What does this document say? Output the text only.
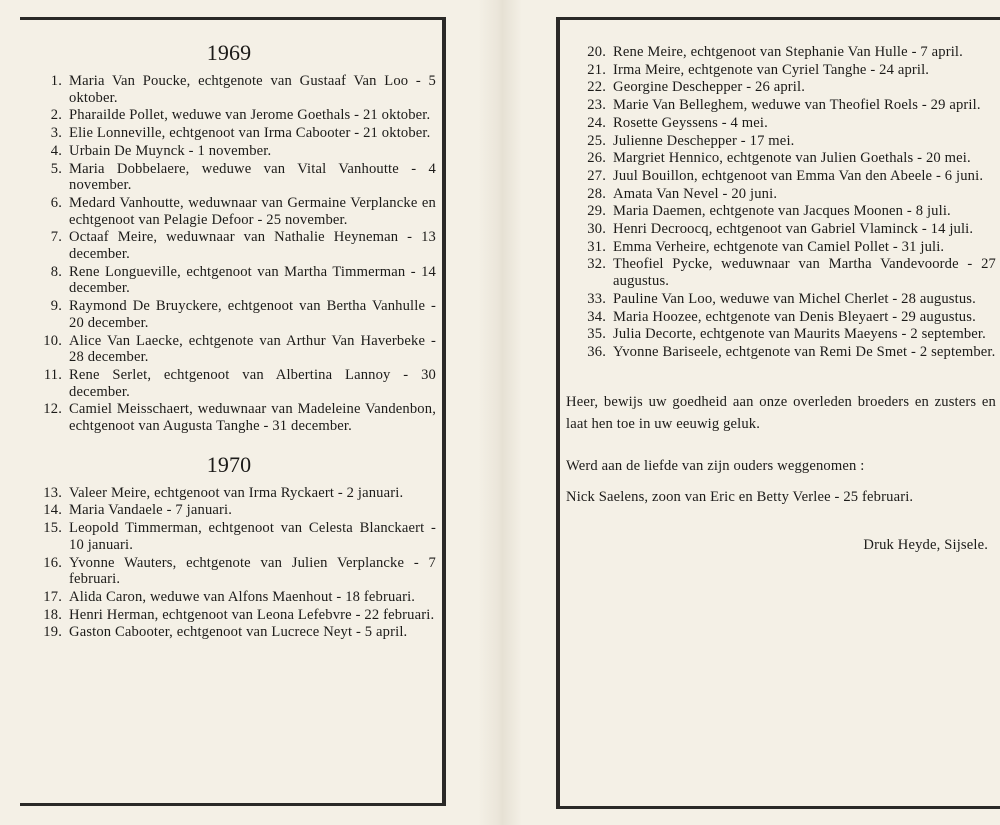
1969
1. Maria Van Poucke, echtgenote van Gustaaf Van Loo - 5 oktober.
2. Pharailde Pollet, weduwe van Jerome Goethals - 21 oktober.
3. Elie Lonneville, echtgenoot van Irma Cabooter - 21 oktober.
4. Urbain De Muynck - 1 november.
5. Maria Dobbelaere, weduwe van Vital Vanhoutte - 4 november.
6. Medard Vanhoutte, weduwnaar van Germaine Verplancke en echtgenoot van Pelagie Defoor - 25 november.
7. Octaaf Meire, weduwnaar van Nathalie Heyneman - 13 december.
8. Rene Longueville, echtgenoot van Martha Timmerman - 14 december.
9. Raymond De Bruyckere, echtgenoot van Bertha Vanhulle - 20 december.
10. Alice Van Laecke, echtgenote van Arthur Van Haverbeke - 28 december.
11. Rene Serlet, echtgenoot van Albertina Lannoy - 30 december.
12. Camiel Meisschaert, weduwnaar van Madeleine Vandenbon, echtgenoot van Augusta Tanghe - 31 december.
1970
13. Valeer Meire, echtgenoot van Irma Ryckaert - 2 januari.
14. Maria Vandaele - 7 januari.
15. Leopold Timmerman, echtgenoot van Celesta Blanckaert - 10 januari.
16. Yvonne Wauters, echtgenote van Julien Verplancke - 7 februari.
17. Alida Caron, weduwe van Alfons Maenhout - 18 februari.
18. Henri Herman, echtgenoot van Leona Lefebvre - 22 februari.
19. Gaston Cabooter, echtgenoot van Lucrece Neyt - 5 april.
20. Rene Meire, echtgenoot van Stephanie Van Hulle - 7 april.
21. Irma Meire, echtgenote van Cyriel Tanghe - 24 april.
22. Georgine Deschepper - 26 april.
23. Marie Van Belleghem, weduwe van Theofiel Roels - 29 april.
24. Rosette Geyssens - 4 mei.
25. Julienne Deschepper - 17 mei.
26. Margriet Hennico, echtgenote van Julien Goethals - 20 mei.
27. Juul Bouillon, echtgenoot van Emma Van den Abeele - 6 juni.
28. Amata Van Nevel - 20 juni.
29. Maria Daemen, echtgenote van Jacques Moonen - 8 juli.
30. Henri Decroocq, echtgenoot van Gabriel Vlaminck - 14 juli.
31. Emma Verheire, echtgenote van Camiel Pollet - 31 juli.
32. Theofiel Pycke, weduwnaar van Martha Vandevoorde - 27 augustus.
33. Pauline Van Loo, weduwe van Michel Cherlet - 28 augustus.
34. Maria Hoozee, echtgenote van Denis Bleyaert - 29 augustus.
35. Julia Decorte, echtgenote van Maurits Maeyens - 2 september.
36. Yvonne Bariseele, echtgenote van Remi De Smet - 2 september.
Heer, bewijs uw goedheid aan onze overleden broeders en zusters en laat hen toe in uw eeuwig geluk.
Werd aan de liefde van zijn ouders weggenomen :
Nick Saelens, zoon van Eric en Betty Verlee - 25 februari.
Druk Heyde, Sijsele.
